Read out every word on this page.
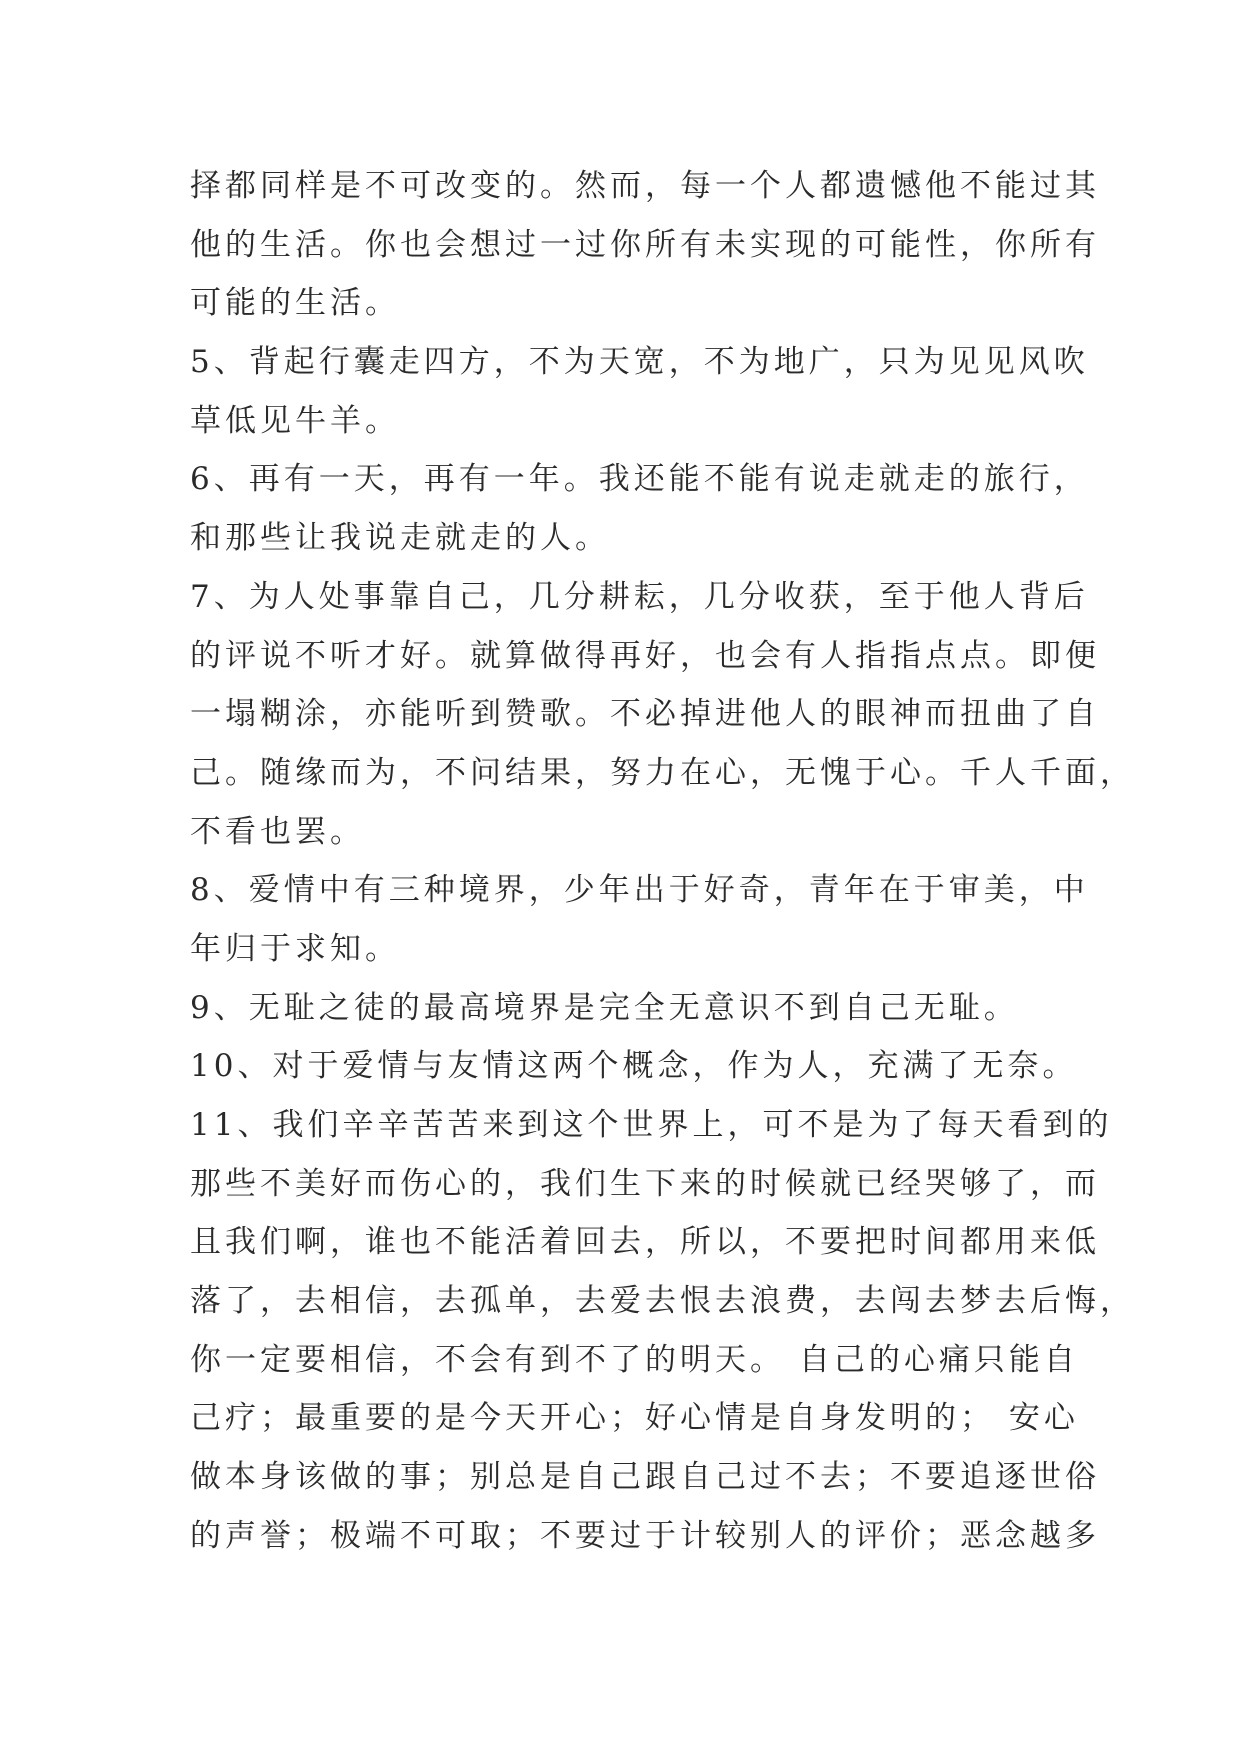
择都同样是不可改变的。然而，每一个人都遗憾他不能过其
他的生活。你也会想过一过你所有未实现的可能性，你所有
可能的生活。
5、背起行囊走四方，不为天宽，不为地广，只为见见风吹
草低见牛羊。
6、再有一天，再有一年。我还能不能有说走就走的旅行，
和那些让我说走就走的人。
7、为人处事靠自己，几分耕耘，几分收获，至于他人背后
的评说不听才好。就算做得再好，也会有人指指点点。即便
一塌糊涂，亦能听到赞歌。不必掉进他人的眼神而扭曲了自
己。随缘而为，不问结果，努力在心，无愧于心。千人千面，
不看也罢。
8、爱情中有三种境界，少年出于好奇，青年在于审美，中
年归于求知。
9、无耻之徒的最高境界是完全无意识不到自己无耻。
10、对于爱情与友情这两个概念，作为人，充满了无奈。
11、我们辛辛苦苦来到这个世界上，可不是为了每天看到的
那些不美好而伤心的，我们生下来的时候就已经哭够了，而
且我们啊，谁也不能活着回去，所以，不要把时间都用来低
落了，去相信，去孤单，去爱去恨去浪费，去闯去梦去后悔，
你一定要相信，不会有到不了的明天。 自己的心痛只能自
己疗；最重要的是今天开心；好心情是自身发明的； 安心
做本身该做的事；别总是自己跟自己过不去；不要追逐世俗
的声誉；极端不可取；不要过于计较别人的评价；恶念越多
